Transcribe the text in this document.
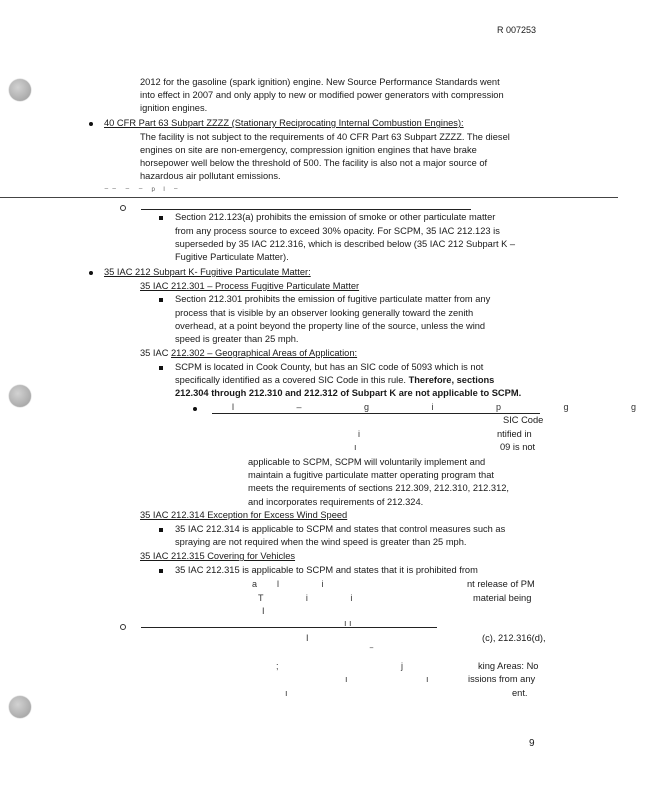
R 007253
2012 for the gasoline (spark ignition) engine. New Source Performance Standards went
into effect in 2007 and only apply to new or modified power generators with compression
ignition engines.
40 CFR Part 63 Subpart ZZZZ (Stationary Reciprocating Internal Combustion Engines):
The facility is not subject to the requirements of 40 CFR Part 63 Subpart ZZZZ. The diesel
engines on site are non-emergency, compression ignition engines that have brake
horsepower well below the threshold of 500. The facility is also not a major source of
hazardous air pollutant emissions.
⁻⁻ ⁻ ⁻ ᵖ ˡ ⁻
Section 212.123(a) prohibits the emission of smoke or other particulate matter
from any process source to exceed 30% opacity. For SCPM, 35 IAC 212.123 is
superseded by 35 IAC 212.316, which is described below (35 IAC 212 Subpart K –
Fugitive Particulate Matter).
35 IAC 212 Subpart K- Fugitive Particulate Matter:
35 IAC 212.301 – Process Fugitive Particulate Matter
Section 212.301 prohibits the emission of fugitive particulate matter from any
process that is visible by an observer looking generally toward the zenith
overhead, at a point beyond the property line of the source, unless the wind
speed is greater than 25 mph.
35 IAC 212.302 – Geographical Areas of Application:
SCPM is located in Cook County, but has an SIC code of 5093 which is not
specifically identified as a covered SIC Code in this rule. Therefore, sections
212.304 through 212.310 and 212.312 of Subpart K are not applicable to SCPM.
l – g i p g g
SIC Code
i	ntified in
ı	09 is not
applicable to SCPM, SCPM will voluntarily implement and
maintain a fugitive particulate matter operating program that
meets the requirements of sections 212.309, 212.310, 212.312,
and incorporates requirements of 212.324.
35 IAC 212.314 Exception for Excess Wind Speed
35 IAC 212.314 is applicable to SCPM and states that control measures such as
spraying are not required when the wind speed is greater than 25 mph.
35 IAC 212.315 Covering for Vehicles
35 IAC 212.315 is applicable to SCPM and states that it is prohibited from
al i	nt release of PM
T i i	material being
I
ı ı
I	(c), 212.316(d),
‾
; j king Areas: No
ı ı issions from any
ı	ent.
9
